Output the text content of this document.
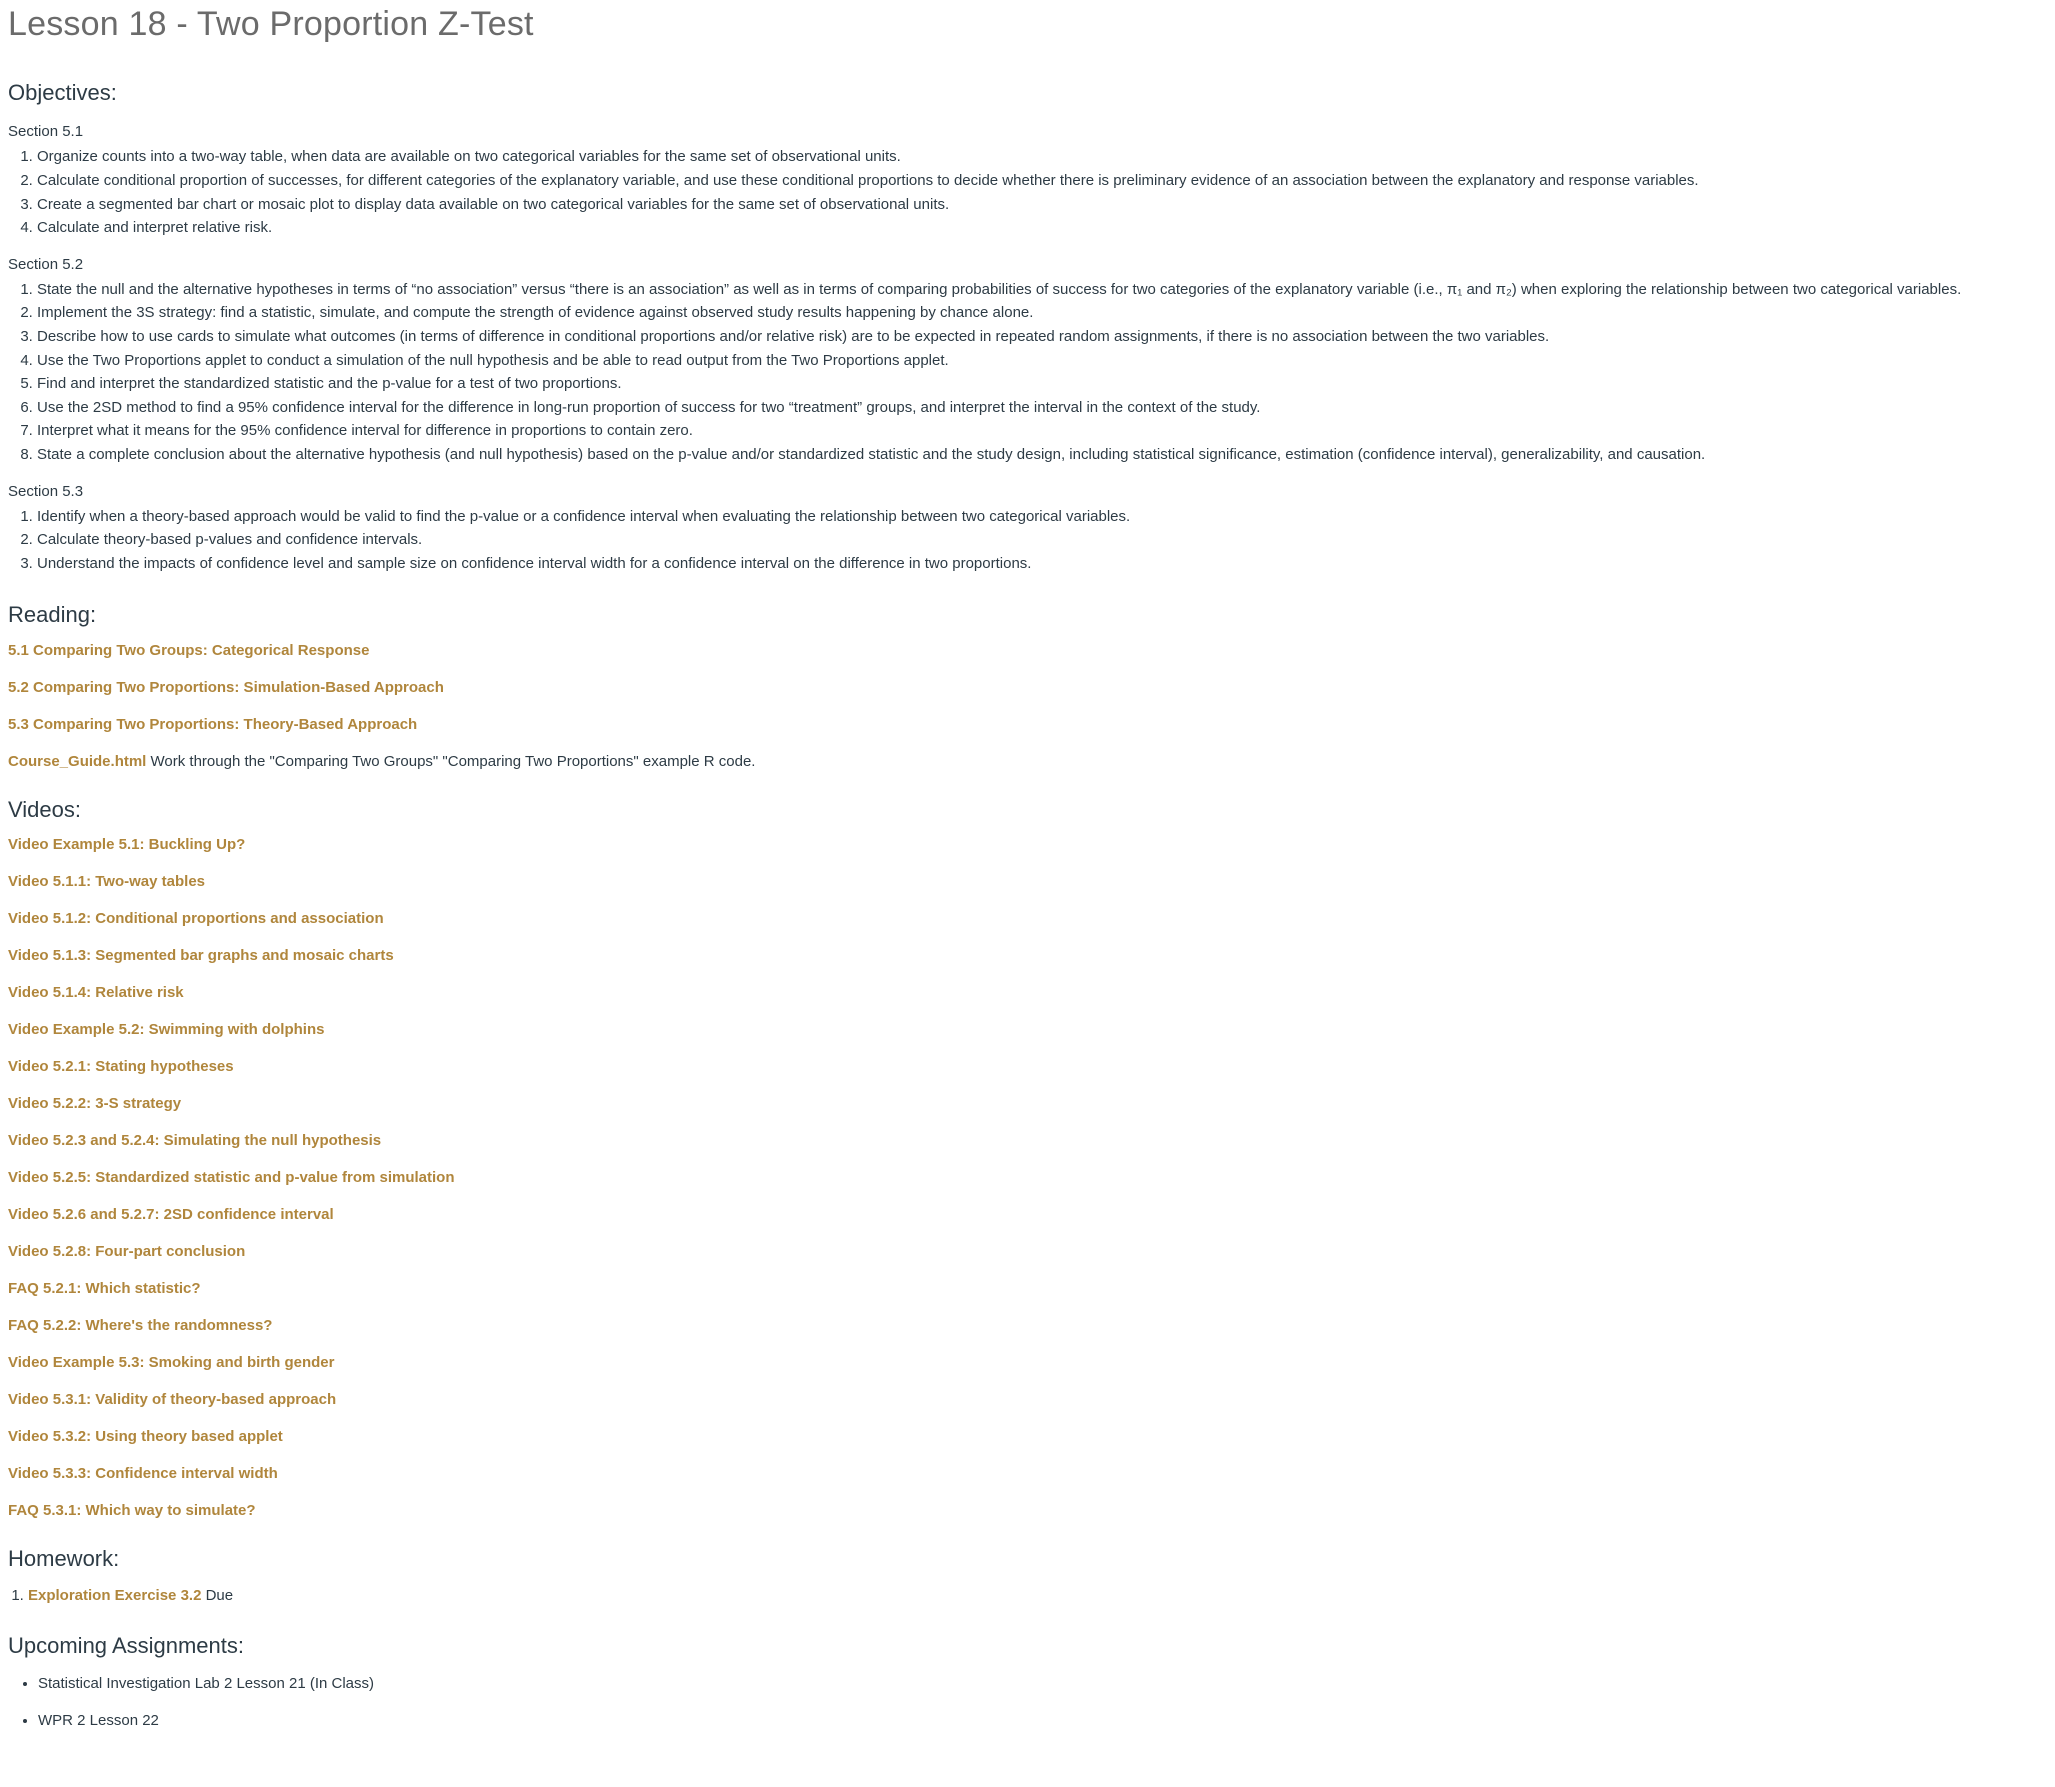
Lesson 18 - Two Proportion Z-Test
Objectives:

Section 5.1

1. Organize counts into a two-way table, when data are available on two categorical variables for the same set of observational units.
2. Calculate conditional proportion of successes, for different categories of the explanatory variable, and use these conditional proportions to decide whether there is preliminary evidence of an association between the explanatory and response variables.
3. Create a segmented bar chart or mosaic plot to display data available on two categorical variables for the same set of observational units.
4. Calculate and interpret relative risk.

Section 5.2

1. State the null and the alternative hypotheses in terms of “no association” versus “there is an association” as well as in terms of comparing probabilities of success for two categories of the explanatory variable (i.e., π₁ and π₂) when exploring the relationship between two categorical variables.
2. Implement the 3S strategy: find a statistic, simulate, and compute the strength of evidence against observed study results happening by chance alone.
3. Describe how to use cards to simulate what outcomes (in terms of difference in conditional proportions and/or relative risk) are to be expected in repeated random assignments, if there is no association between the two variables.
4. Use the Two Proportions applet to conduct a simulation of the null hypothesis and be able to read output from the Two Proportions applet.
5. Find and interpret the standardized statistic and the p-value for a test of two proportions.
6. Use the 2SD method to find a 95% confidence interval for the difference in long-run proportion of success for two “treatment” groups, and interpret the interval in the context of the study.
7. Interpret what it means for the 95% confidence interval for difference in proportions to contain zero.
8. State a complete conclusion about the alternative hypothesis (and null hypothesis) based on the p-value and/or standardized statistic and the study design, including statistical significance, estimation (confidence interval), generalizability, and causation.

Section 5.3

1. Identify when a theory-based approach would be valid to find the p-value or a confidence interval when evaluating the relationship between two categorical variables.
2. Calculate theory-based p-values and confidence intervals.
3. Understand the impacts of confidence level and sample size on confidence interval width for a confidence interval on the difference in two proportions.
Reading:

5.1 Comparing Two Groups: Categorical Response

5.2 Comparing Two Proportions: Simulation-Based Approach

5.3 Comparing Two Proportions: Theory-Based Approach

Course_Guide.html Work through the "Comparing Two Groups" "Comparing Two Proportions" example R code.

Videos:

Video Example 5.1: Buckling Up?

Video 5.1.1: Two-way tables

Video 5.1.2: Conditional proportions and association

Video 5.1.3: Segmented bar graphs and mosaic charts

Video 5.1.4: Relative risk

Video Example 5.2: Swimming with dolphins

Video 5.2.1: Stating hypotheses

Video 5.2.2: 3-S strategy

Video 5.2.3 and 5.2.4: Simulating the null hypothesis

Video 5.2.5: Standardized statistic and p-value from simulation

Video 5.2.6 and 5.2.7: 2SD confidence interval

Video 5.2.8: Four-part conclusion

FAQ 5.2.1: Which statistic?

FAQ 5.2.2: Where's the randomness?

Video Example 5.3: Smoking and birth gender

Video 5.3.1: Validity of theory-based approach

Video 5.3.2: Using theory based applet

Video 5.3.3: Confidence interval width

FAQ 5.3.1: Which way to simulate?

Homework:
1. Exploration Exercise 3.2 Due
Upcoming Assignments:
• Statistical Investigation Lab 2 Lesson 21 (In Class)
• WPR 2 Lesson 22
